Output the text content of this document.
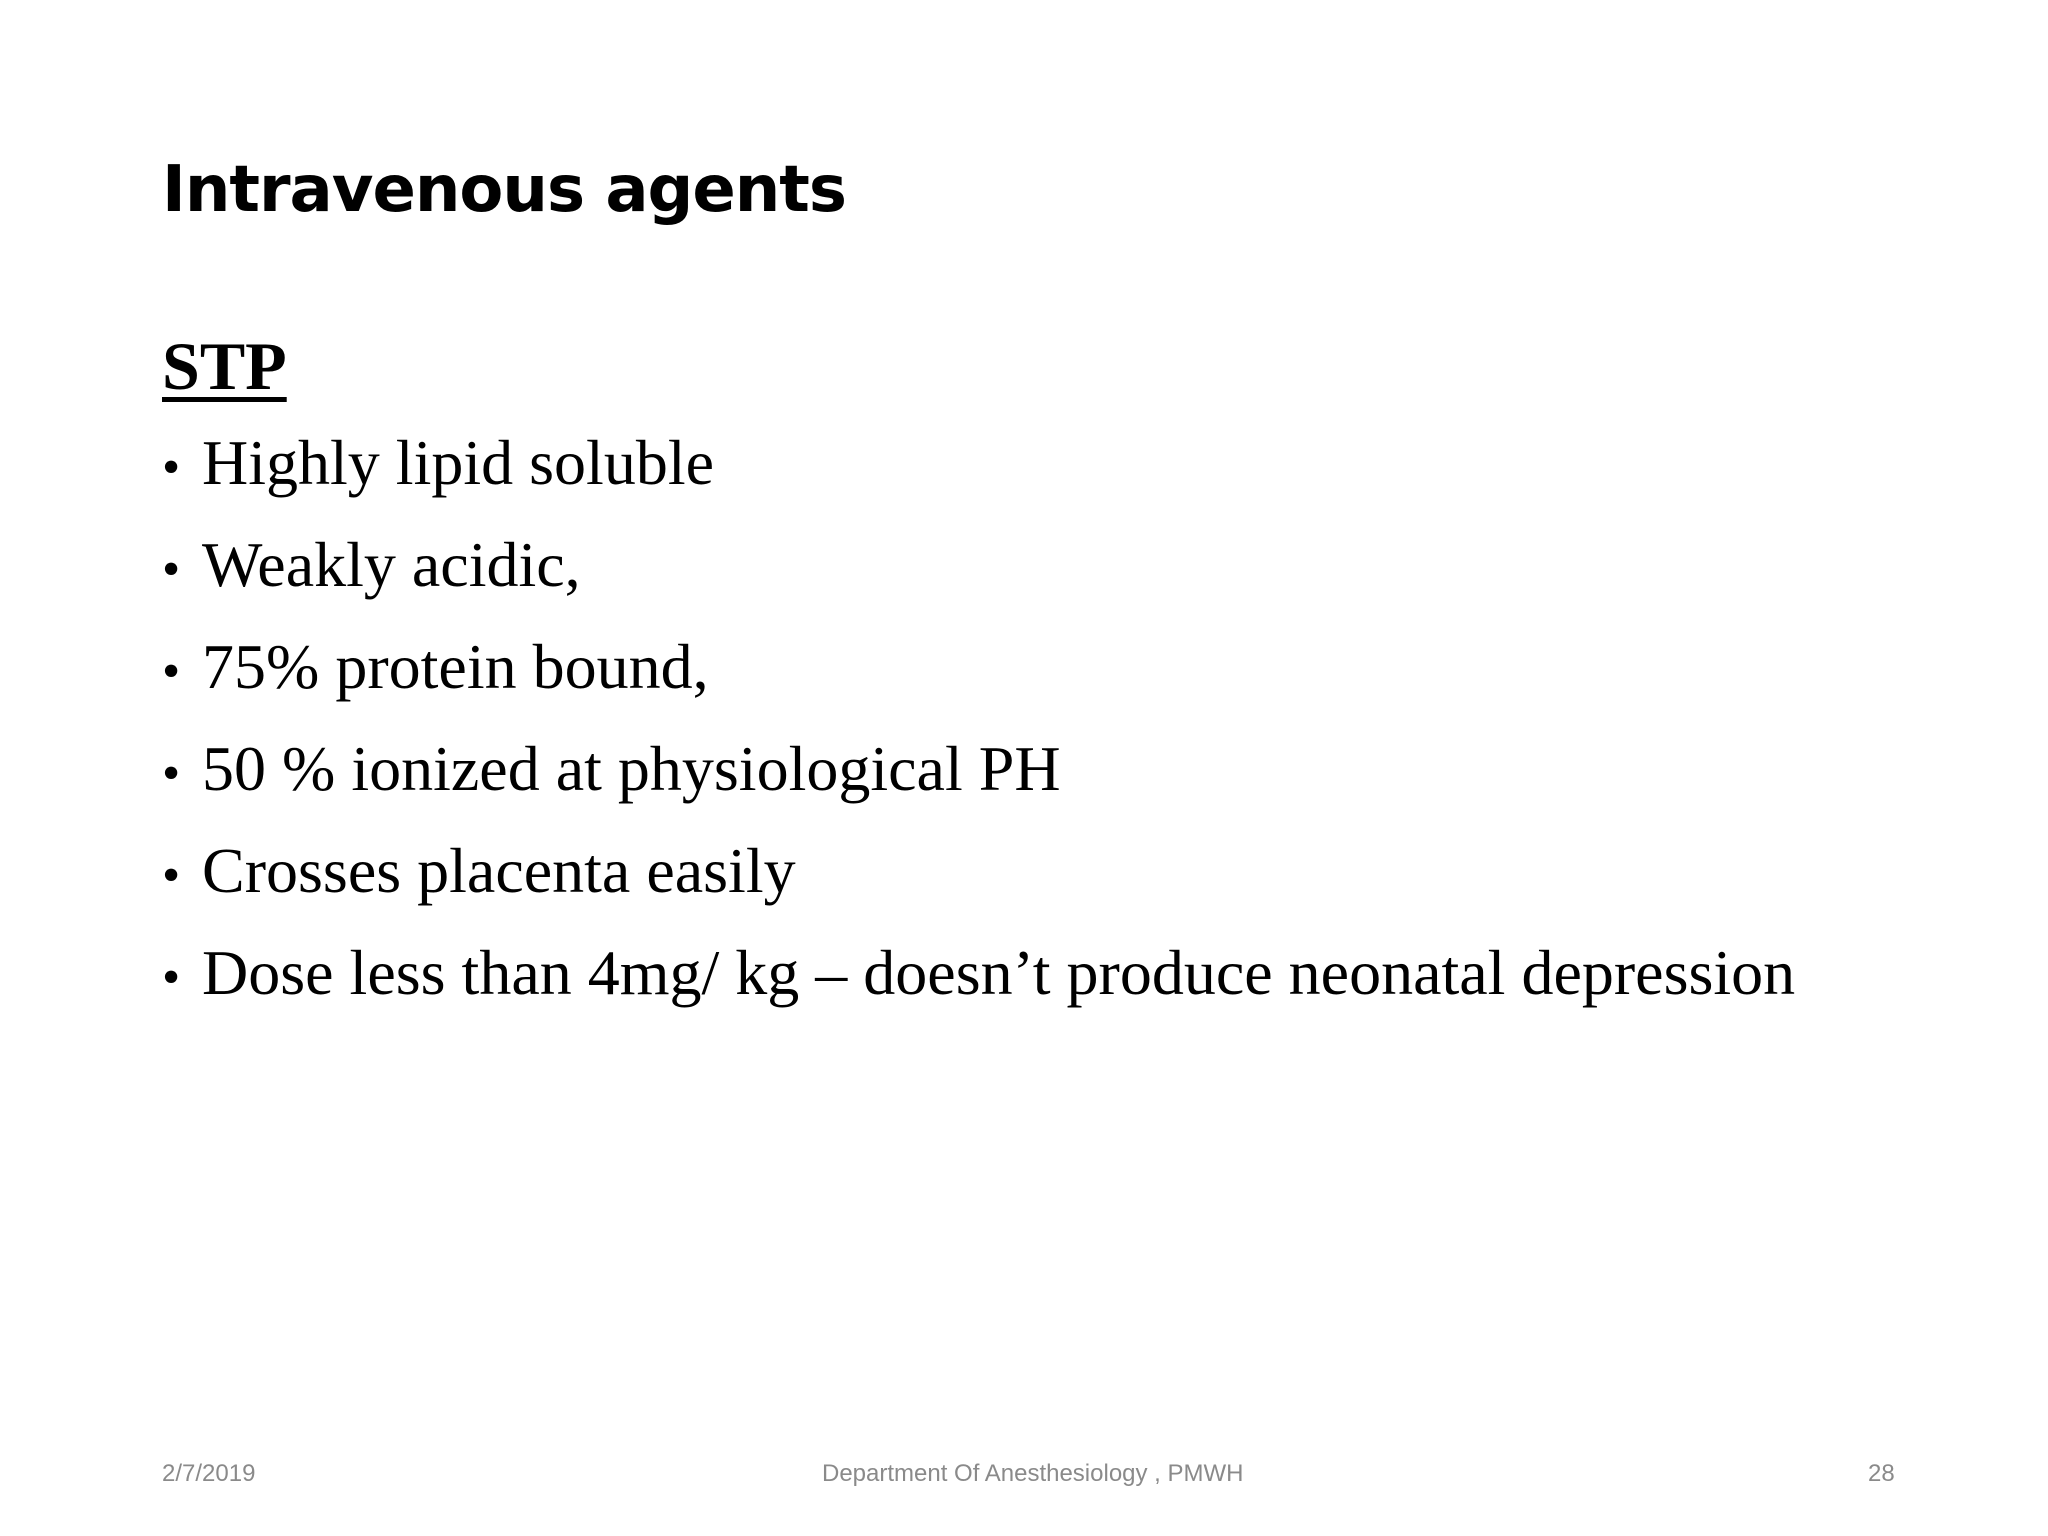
Intravenous agents
STP
• Highly lipid soluble
• Weakly acidic,
• 75% protein bound,
• 50 % ionized at physiological PH
• Crosses placenta easily
• Dose less than 4mg/ kg – doesn’t produce neonatal depression
2/7/2019	Department Of Anesthesiology , PMWH	28
